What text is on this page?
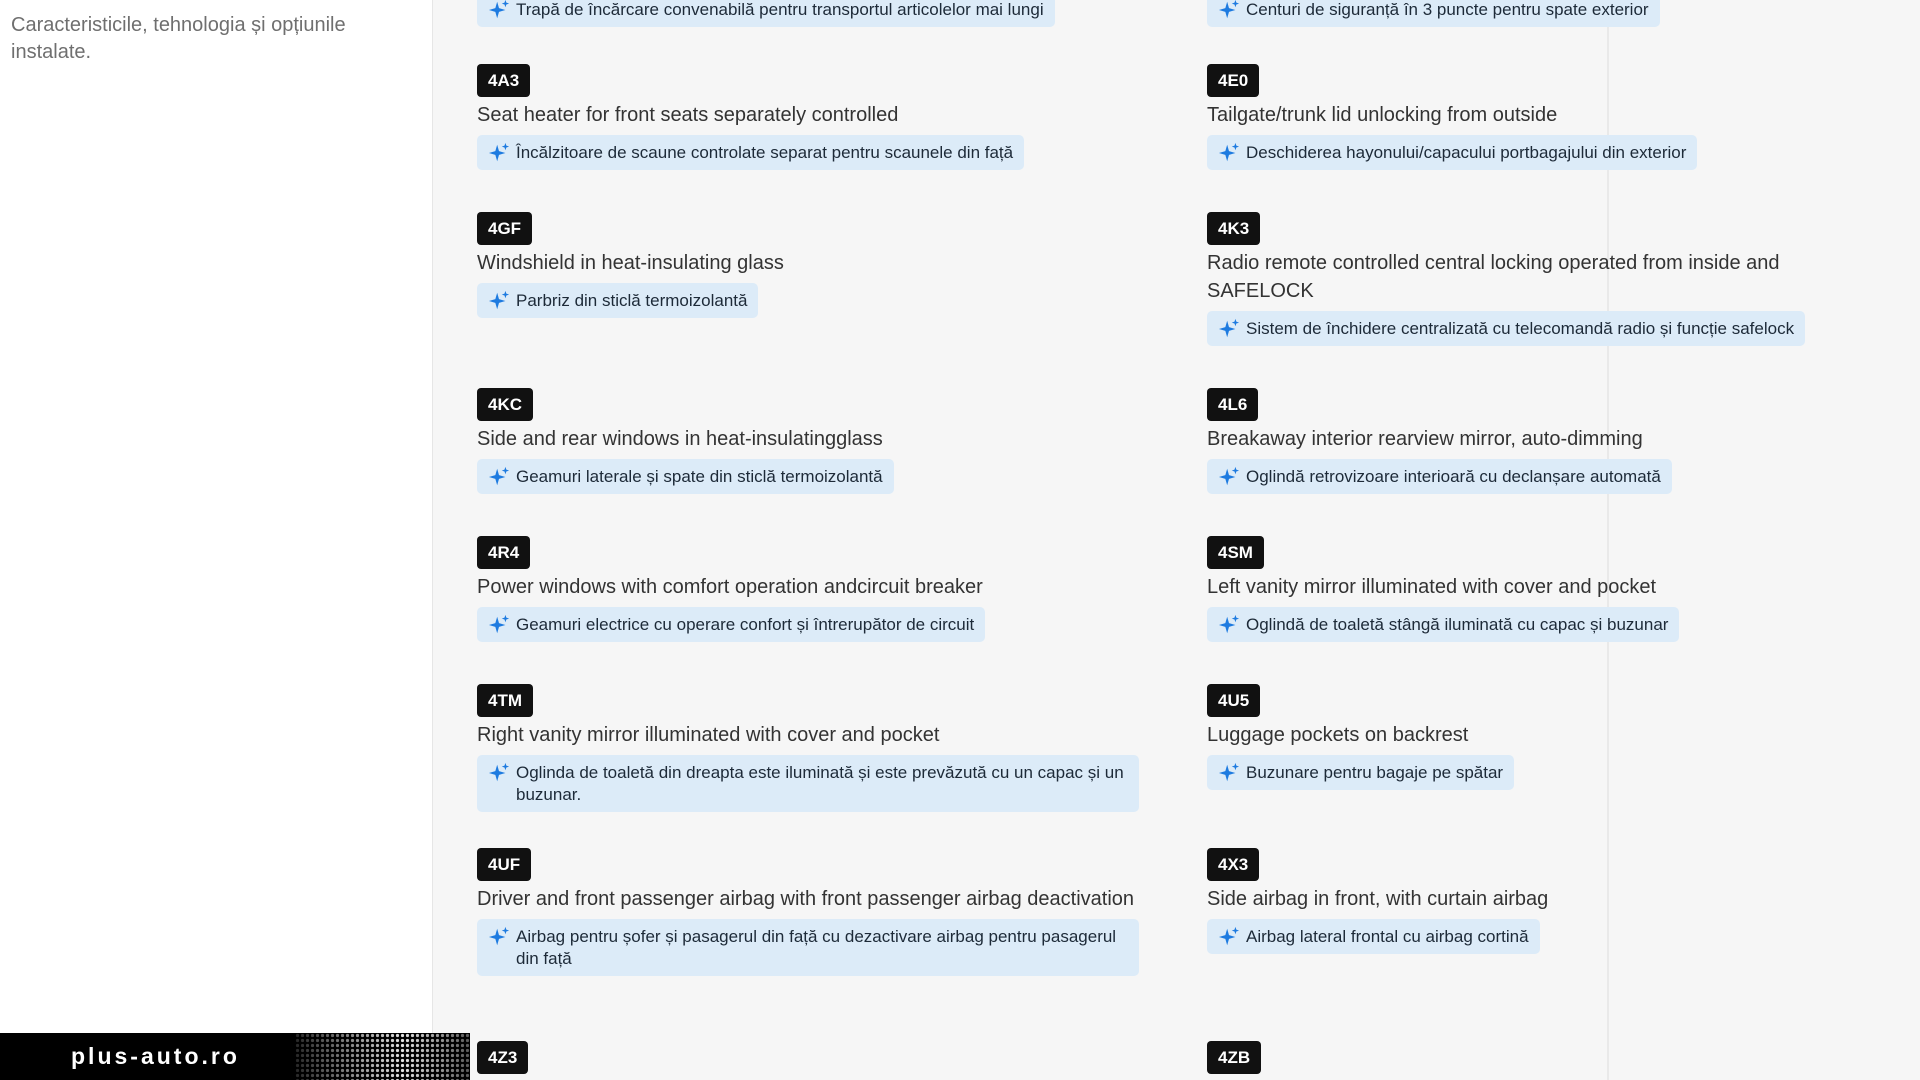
Caracteristicile, tehnologia și opțiunile instalate.
Trapă de încărcare convenabilă pentru transportul articolelor mai lungi	Centuri de siguranță în 3 puncte pentru spate exterior
4A3
Seat heater for front seats separately controlled
Încălzitoare de scaune controlate separat pentru scaunele din față
4GF
Windshield in heat-insulating glass
Parbriz din sticlă termoizolantă
4KC
Side and rear windows in heat-insulatingglass
Geamuri laterale și spate din sticlă termoizolantă
4R4
Power windows with comfort operation andcircuit breaker
Geamuri electrice cu operare confort și întrerupător de circuit
4TM
Right vanity mirror illuminated with cover and pocket
Oglinda de toaletă din dreapta este iluminată și este prevăzută cu un capac și un buzunar.
4UF
Driver and front passenger airbag with front passenger airbag deactivation
Airbag pentru șofer și pasagerul din față cu dezactivare airbag pentru pasagerul din față
4Z3
4E0
Tailgate/trunk lid unlocking from outside
Deschiderea hayonului/capacului portbagajului din exterior
4K3
Radio remote controlled central locking operated from inside and SAFELOCK
Sistem de închidere centralizată cu telecomandă radio și funcție safelock
4L6
Breakaway interior rearview mirror, auto-dimming
Oglindă retrovizoare interioară cu declanșare automată
4SM
Left vanity mirror illuminated with cover and pocket
Oglindă de toaletă stângă iluminată cu capac și buzunar
4U5
Luggage pockets on backrest
Buzunare pentru bagaje pe spătar
4X3
Side airbag in front, with curtain airbag
Airbag lateral frontal cu airbag cortină
4ZB
plus-auto.ro
